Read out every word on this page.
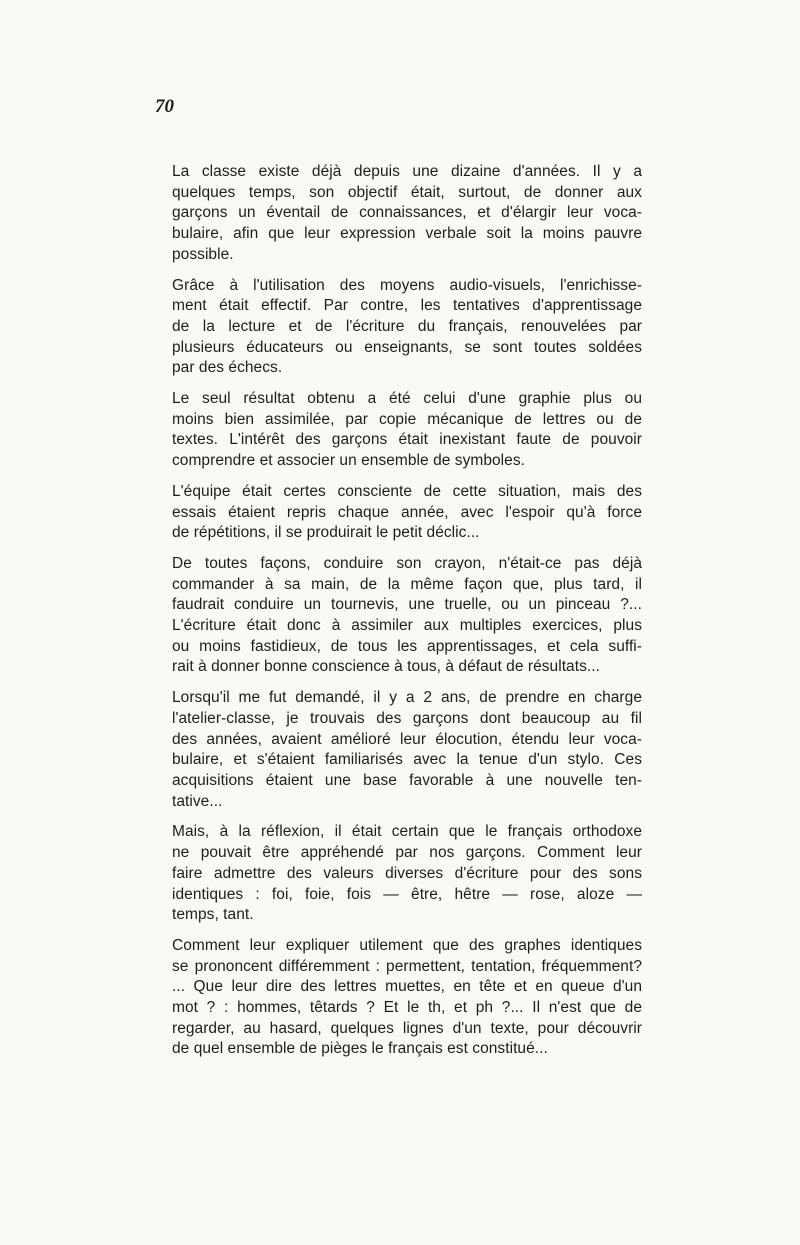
70

La classe existe déjà depuis une dizaine d'années. Il y a
quelques temps, son objectif était, surtout, de donner aux
garçons un éventail de connaissances, et d'élargir leur voca-
bulaire, afin que leur expression verbale soit la moins pauvre
possible.

Grâce à l'utilisation des moyens audio-visuels, l'enrichisse-
ment était effectif. Par contre, les tentatives d'apprentissage
de la lecture et de l'écriture du français, renouvelées par
plusieurs éducateurs ou enseignants, se sont toutes soldées
par des échecs.

Le seul résultat obtenu a été celui d'une graphie plus ou
moins bien assimilée, par copie mécanique de lettres ou de
textes. L'intérêt des garçons était inexistant faute de pouvoir
comprendre et associer un ensemble de symboles.

L'équipe était certes consciente de cette situation, mais des
essais étaient repris chaque année, avec l'espoir qu'à force
de répétitions, il se produirait le petit déclic...

De toutes façons, conduire son crayon, n'était-ce pas déjà
commander à sa main, de la même façon que, plus tard, il
faudrait conduire un tournevis, une truelle, ou un pinceau ?...
L'écriture était donc à assimiler aux multiples exercices, plus
ou moins fastidieux, de tous les apprentissages, et cela suffi-
rait à donner bonne conscience à tous, à défaut de résultats...

Lorsqu'il me fut demandé, il y a 2 ans, de prendre en charge
l'atelier-classe, je trouvais des garçons dont beaucoup au fil
des années, avaient amélioré leur élocution, étendu leur voca-
bulaire, et s'étaient familiarisés avec la tenue d'un stylo. Ces
acquisitions étaient une base favorable à une nouvelle ten-
tative...

Mais, à la réflexion, il était certain que le français orthodoxe
ne pouvait être appréhendé par nos garçons. Comment leur
faire admettre des valeurs diverses d'écriture pour des sons
identiques : foi, foie, fois — être, hêtre — rose, aloze —
temps, tant.

Comment leur expliquer utilement que des graphes identiques
se prononcent différemment : permettent, tentation, fréquemment?
... Que leur dire des lettres muettes, en tête et en queue d'un
mot ? : hommes, têtards ? Et le th, et ph ?... Il n'est que de
regarder, au hasard, quelques lignes d'un texte, pour découvrir
de quel ensemble de pièges le français est constitué...
